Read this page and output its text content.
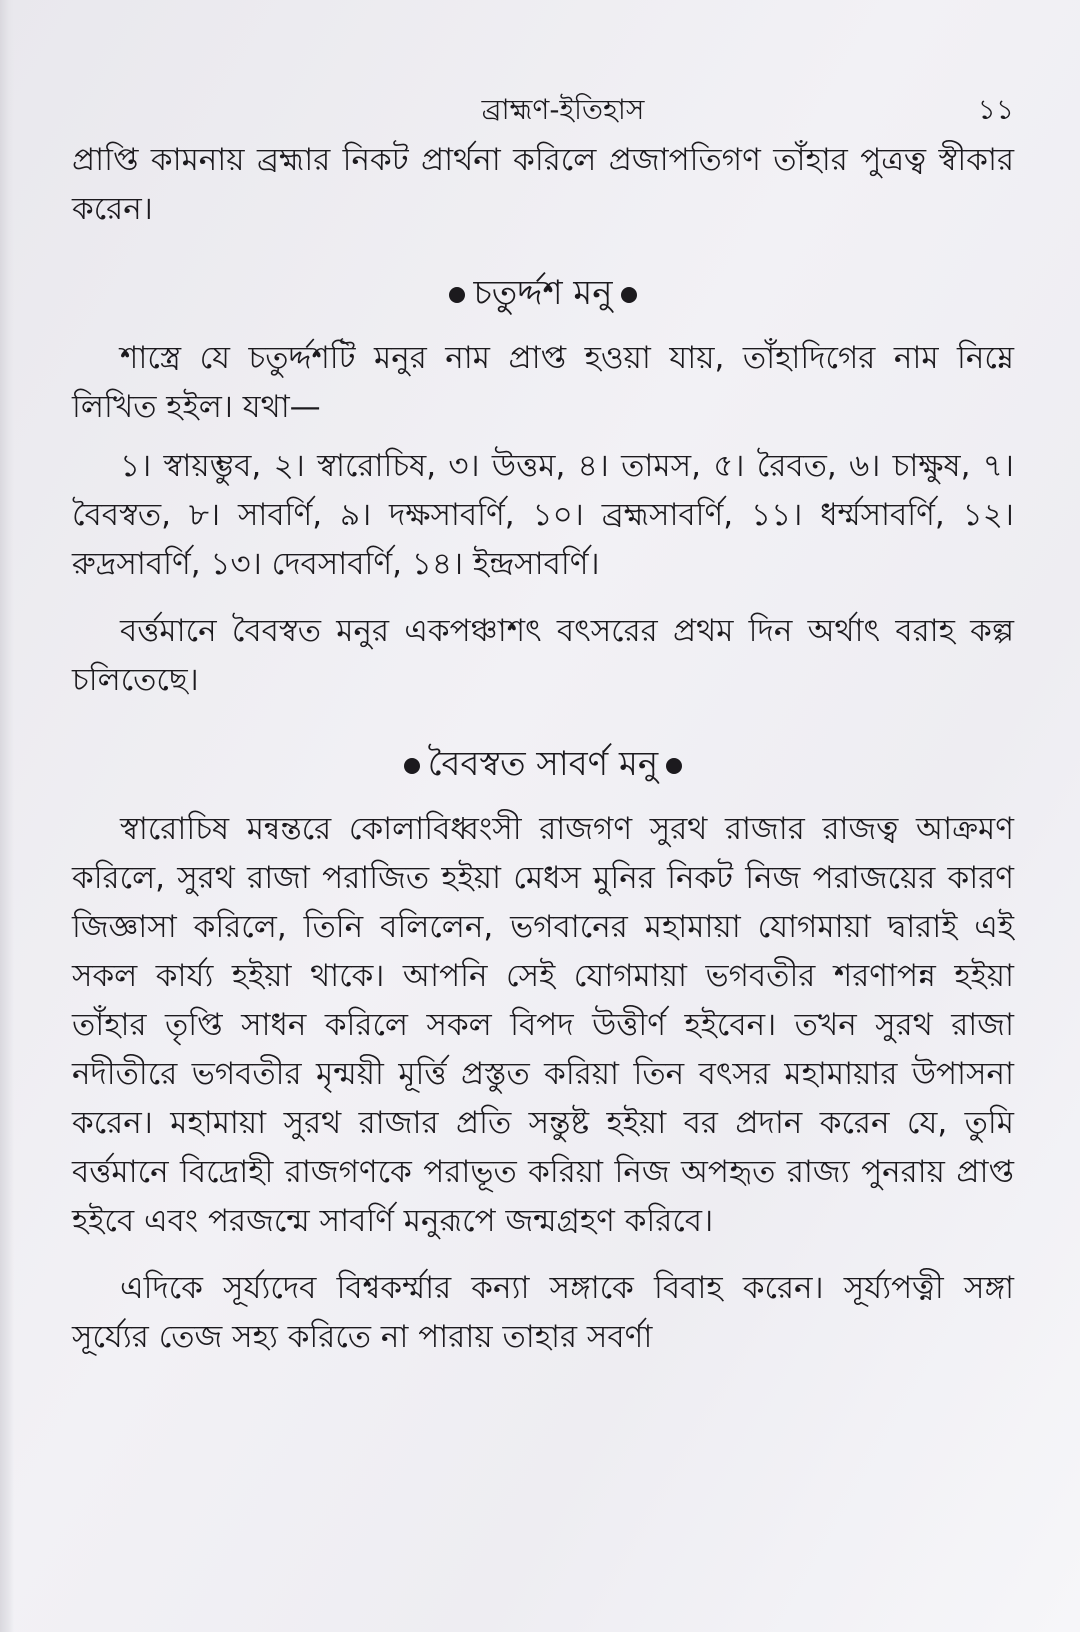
ব্রাহ্মণ-ইতিহাস	১১

প্রাপ্তি কামনায় ব্রহ্মার নিকট প্রার্থনা করিলে প্রজাপতিগণ তাঁহার পুত্রত্ব স্বীকার করেন।

চতুর্দ্দশ মনু

শাস্ত্রে যে চতুর্দ্দশটি মনুর নাম প্রাপ্ত হওয়া যায়, তাঁহাদিগের নাম নিম্নে লিখিত হইল। যথা—

১। স্বায়ম্ভুব, ২। স্বারোচিষ, ৩। উত্তম, ৪। তামস, ৫। রৈবত, ৬। চাক্ষুষ, ৭। বৈবস্বত, ৮। সাবর্ণি, ৯। দক্ষসাবর্ণি, ১০। ব্রহ্মসাবর্ণি, ১১। ধর্ম্মসাবর্ণি, ১২। রুদ্রসাবর্ণি, ১৩। দেবসাবর্ণি, ১৪। ইন্দ্রসাবর্ণি।

বর্ত্তমানে বৈবস্বত মনুর একপঞ্চাশৎ বৎসরের প্রথম দিন অর্থাৎ বরাহ কল্প চলিতেছে।

বৈবস্বত সাবর্ণ মনু

স্বারোচিষ মন্বন্তরে কোলাবিধ্বংসী রাজগণ সুরথ রাজার রাজত্ব আক্রমণ করিলে, সুরথ রাজা পরাজিত হইয়া মেধস মুনির নিকট নিজ পরাজয়ের কারণ জিজ্ঞাসা করিলে, তিনি বলিলেন, ভগবানের মহামায়া যোগমায়া দ্বারাই এই সকল কার্য্য হইয়া থাকে। আপনি সেই যোগমায়া ভগবতীর শরণাপন্ন হইয়া তাঁহার তৃপ্তি সাধন করিলে সকল বিপদ উত্তীর্ণ হইবেন। তখন সুরথ রাজা নদীতীরে ভগবতীর মৃন্ময়ী মূর্ত্তি প্রস্তুত করিয়া তিন বৎসর মহামায়ার উপাসনা করেন। মহামায়া সুরথ রাজার প্রতি সন্তুষ্ট হইয়া বর প্রদান করেন যে, তুমি বর্ত্তমানে বিদ্রোহী রাজগণকে পরাভূত করিয়া নিজ অপহৃত রাজ্য পুনরায় প্রাপ্ত হইবে এবং পরজন্মে সাবর্ণি মনুরূপে জন্মগ্রহণ করিবে।

এদিকে সূর্য্যদেব বিশ্বকর্ম্মার কন্যা সঙ্গাকে বিবাহ করেন। সূর্য্যপত্নী সঙ্গা সূর্য্যের তেজ সহ্য করিতে না পারায় তাহার সবর্ণা
